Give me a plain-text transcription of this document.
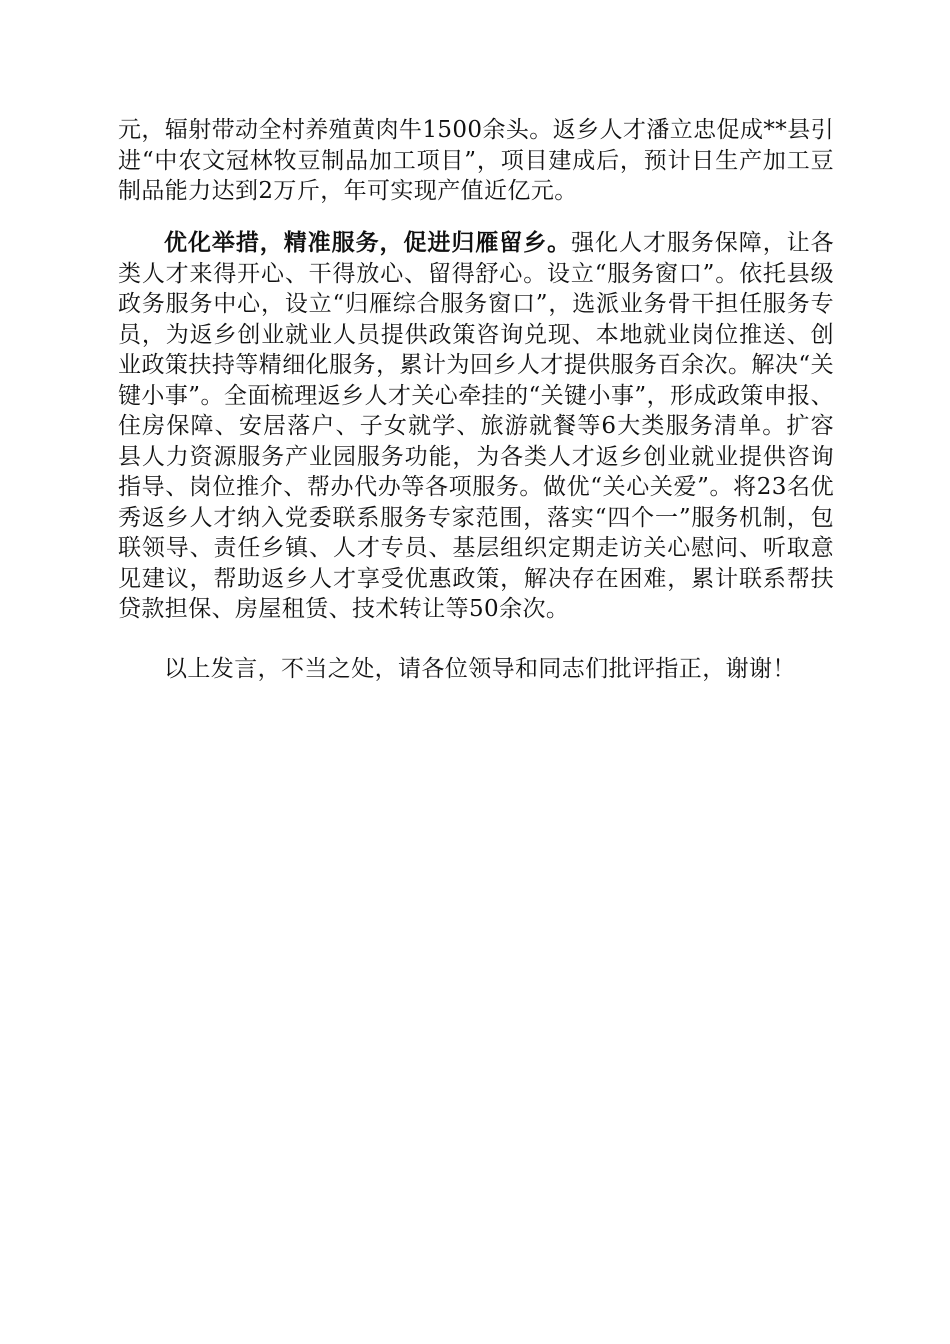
元，辐射带动全村养殖黄肉牛1500余头。返乡人才潘立忠促成**县引进“中农文冠林牧豆制品加工项目”，项目建成后，预计日生产加工豆制品能力达到2万斤，年可实现产值近亿元。

优化举措，精准服务，促进归雁留乡。强化人才服务保障，让各类人才来得开心、干得放心、留得舒心。设立“服务窗口”。依托县级政务服务中心，设立“归雁综合服务窗口”，选派业务骨干担任服务专员，为返乡创业就业人员提供政策咨询兑现、本地就业岗位推送、创业政策扶持等精细化服务，累计为回乡人才提供服务百余次。解决“关键小事”。全面梳理返乡人才关心牵挂的“关键小事”，形成政策申报、住房保障、安居落户、子女就学、旅游就餐等6大类服务清单。扩容县人力资源服务产业园服务功能，为各类人才返乡创业就业提供咨询指导、岗位推介、帮办代办等各项服务。做优“关心关爱”。将23名优秀返乡人才纳入党委联系服务专家范围，落实“四个一”服务机制，包联领导、责任乡镇、人才专员、基层组织定期走访关心慰问、听取意见建议，帮助返乡人才享受优惠政策，解决存在困难，累计联系帮扶贷款担保、房屋租赁、技术转让等50余次。

以上发言，不当之处，请各位领导和同志们批评指正，谢谢！
